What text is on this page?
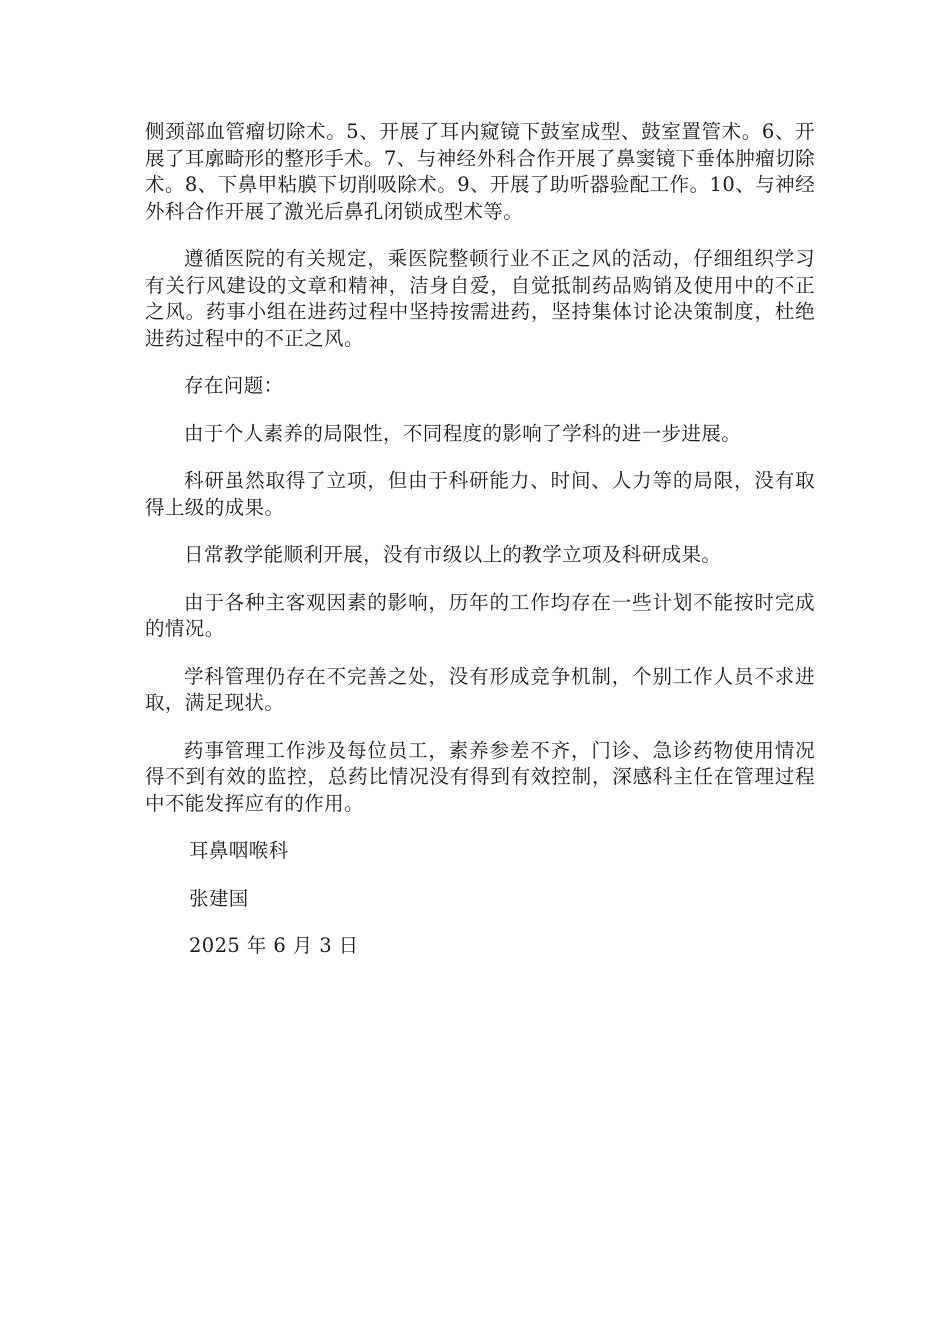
侧颈部血管瘤切除术。5、开展了耳内窥镜下鼓室成型、鼓室置管术。6、开展了耳廓畸形的整形手术。7、与神经外科合作开展了鼻窦镜下垂体肿瘤切除术。8、下鼻甲粘膜下切削吸除术。9、开展了助听器验配工作。10、与神经外科合作开展了激光后鼻孔闭锁成型术等。

遵循医院的有关规定，乘医院整顿行业不正之风的活动，仔细组织学习有关行风建设的文章和精神，洁身自爱，自觉抵制药品购销及使用中的不正之风。药事小组在进药过程中坚持按需进药，坚持集体讨论决策制度，杜绝进药过程中的不正之风。

存在问题：

由于个人素养的局限性，不同程度的影响了学科的进一步进展。

科研虽然取得了立项，但由于科研能力、时间、人力等的局限，没有取得上级的成果。

日常教学能顺利开展，没有市级以上的教学立项及科研成果。

由于各种主客观因素的影响，历年的工作均存在一些计划不能按时完成的情况。

学科管理仍存在不完善之处，没有形成竞争机制，个别工作人员不求进取，满足现状。

药事管理工作涉及每位员工，素养参差不齐，门诊、急诊药物使用情况得不到有效的监控，总药比情况没有得到有效控制，深感科主任在管理过程中不能发挥应有的作用。

耳鼻咽喉科
张建国
2025 年 6 月 3 日
